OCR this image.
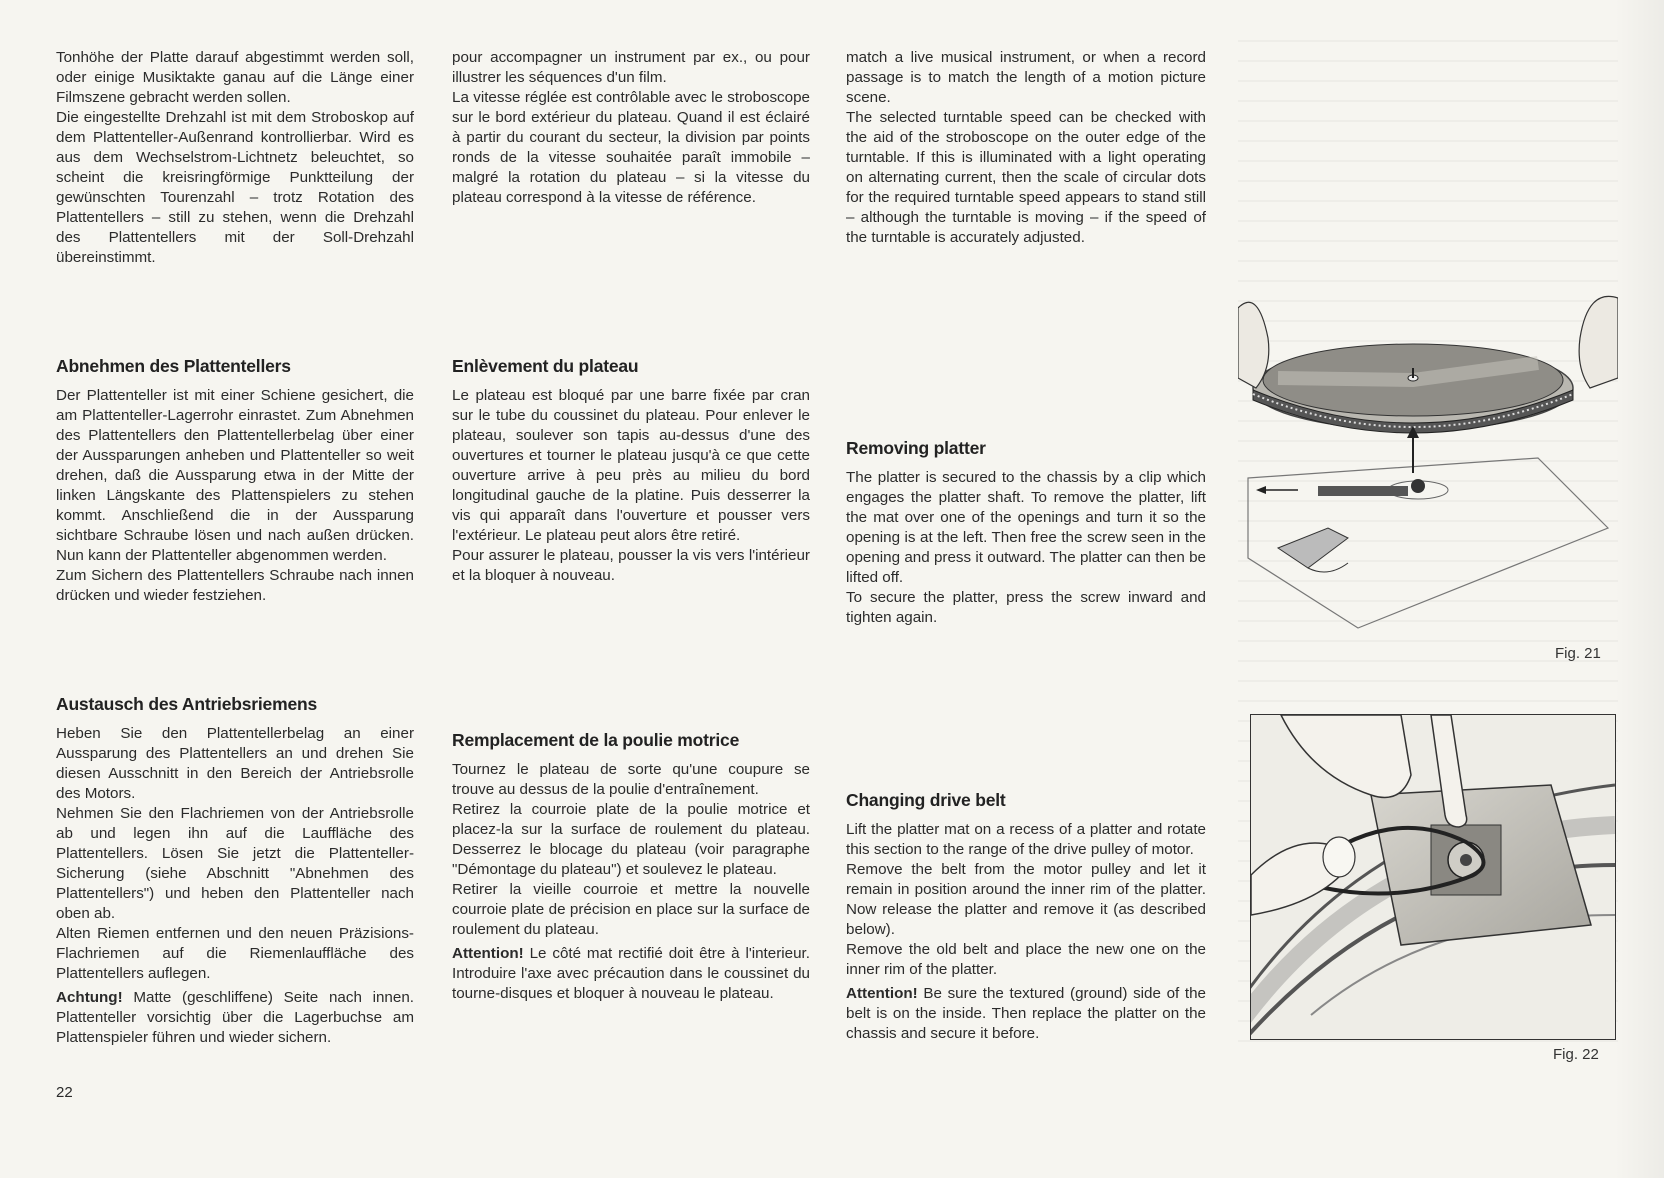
Tonhöhe der Platte darauf abgestimmt werden soll, oder einige Musiktakte ganau auf die Länge einer Filmszene gebracht werden sollen.

Die eingestellte Drehzahl ist mit dem Stroboskop auf dem Plattenteller-Außenrand kontrollierbar. Wird es aus dem Wechselstrom-Lichtnetz beleuchtet, so scheint die kreisringförmige Punktteilung der gewünschten Tourenzahl – trotz Rotation des Plattentellers – still zu stehen, wenn die Drehzahl des Plattentellers mit der Soll-Drehzahl übereinstimmt.

Abnehmen des Plattentellers

Der Plattenteller ist mit einer Schiene gesichert, die am Plattenteller-Lagerrohr einrastet. Zum Abnehmen des Plattentellers den Plattentellerbelag über einer der Aussparungen anheben und Plattenteller so weit drehen, daß die Aussparung etwa in der Mitte der linken Längskante des Plattenspielers zu stehen kommt. Anschließend die in der Aussparung sichtbare Schraube lösen und nach außen drücken. Nun kann der Plattenteller abgenommen werden.

Zum Sichern des Plattentellers Schraube nach innen drücken und wieder festziehen.

Austausch des Antriebsriemens

Heben Sie den Plattentellerbelag an einer Aussparung des Plattentellers an und drehen Sie diesen Ausschnitt in den Bereich der Antriebsrolle des Motors.

Nehmen Sie den Flachriemen von der Antriebsrolle ab und legen ihn auf die Lauffläche des Plattentellers. Lösen Sie jetzt die Plattenteller-Sicherung (siehe Abschnitt "Abnehmen des Plattentellers") und heben den Plattenteller nach oben ab.

Alten Riemen entfernen und den neuen Präzisions-Flachriemen auf die Riemenlauffläche des Plattentellers auflegen.

Achtung! Matte (geschliffene) Seite nach innen. Plattenteller vorsichtig über die Lagerbuchse am Plattenspieler führen und wieder sichern.

pour accompagner un instrument par ex., ou pour illustrer les séquences d'un film.

La vitesse réglée est contrôlable avec le stroboscope sur le bord extérieur du plateau. Quand il est éclairé à partir du courant du secteur, la division par points ronds de la vitesse souhaitée paraît immobile – malgré la rotation du plateau – si la vitesse du plateau correspond à la vitesse de référence.

Enlèvement du plateau

Le plateau est bloqué par une barre fixée par cran sur le tube du coussinet du plateau. Pour enlever le plateau, soulever son tapis au-dessus d'une des ouvertures et tourner le plateau jusqu'à ce que cette ouverture arrive à peu près au milieu du bord longitudinal gauche de la platine. Puis desserrer la vis qui apparaît dans l'ouverture et pousser vers l'extérieur. Le plateau peut alors être retiré.

Pour assurer le plateau, pousser la vis vers l'intérieur et la bloquer à nouveau.

Remplacement de la poulie motrice

Tournez le plateau de sorte qu'une coupure se trouve au dessus de la poulie d'entraînement.

Retirez la courroie plate de la poulie motrice et placez-la sur la surface de roulement du plateau. Desserrez le blocage du plateau (voir paragraphe "Démontage du plateau") et soulevez le plateau.

Retirer la vieille courroie et mettre la nouvelle courroie plate de précision en place sur la surface de roulement du plateau.

Attention! Le côté mat rectifié doit être à l'interieur. Introduire l'axe avec précaution dans le coussinet du tourne-disques et bloquer à nouveau le plateau.

match a live musical instrument, or when a record passage is to match the length of a motion picture scene.

The selected turntable speed can be checked with the aid of the stroboscope on the outer edge of the turntable. If this is illuminated with a light operating on alternating current, then the scale of circular dots for the required turntable speed appears to stand still – although the turntable is moving – if the speed of the turntable is accurately adjusted.

Removing platter

The platter is secured to the chassis by a clip which engages the platter shaft. To remove the platter, lift the mat over one of the openings and turn it so the opening is at the left. Then free the screw seen in the opening and press it outward. The platter can then be lifted off.

To secure the platter, press the screw inward and tighten again.

Changing drive belt

Lift the platter mat on a recess of a platter and rotate this section to the range of the drive pulley of motor.

Remove the belt from the motor pulley and let it remain in position around the inner rim of the platter. Now release the platter and remove it (as described below).

Remove the old belt and place the new one on the inner rim of the platter.

Attention! Be sure the textured (ground) side of the belt is on the inside. Then replace the platter on the chassis and secure it before.

Fig. 21
Fig. 22
22
